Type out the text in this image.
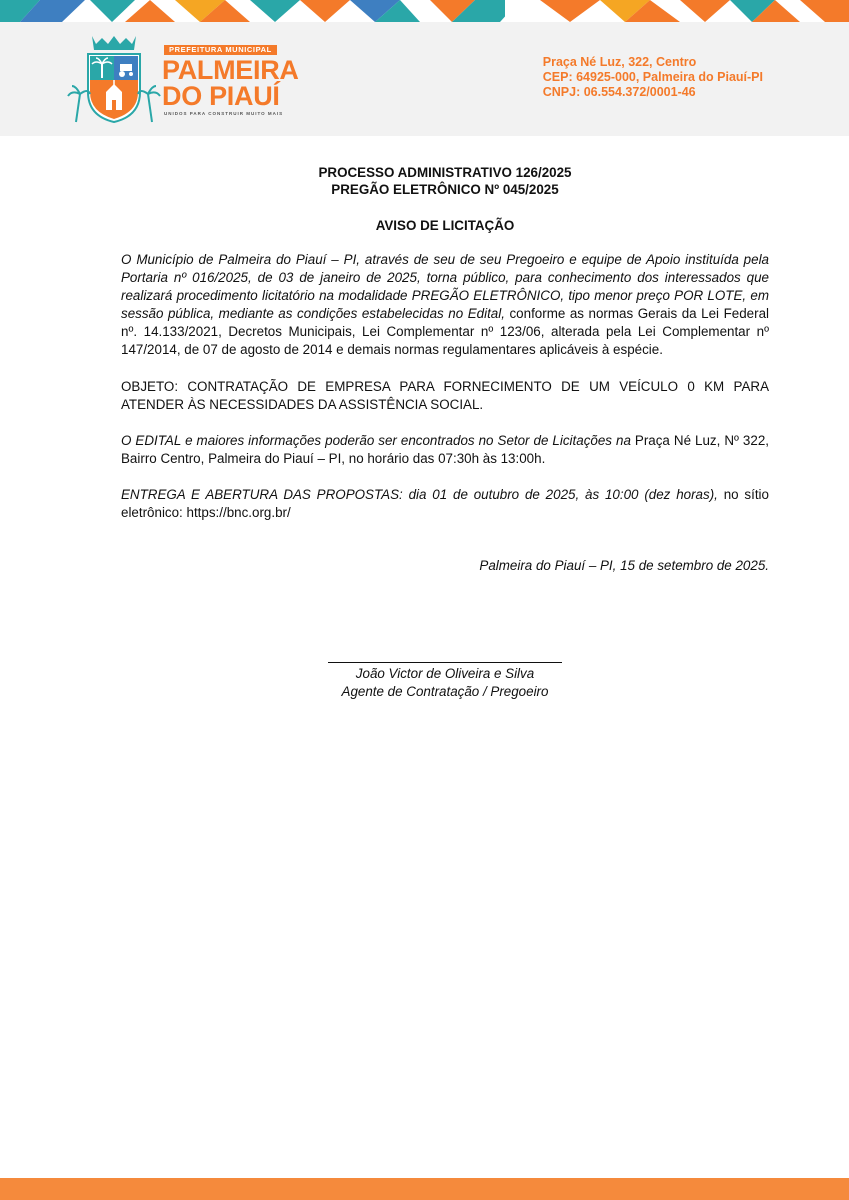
PREFEITURA MUNICIPAL
PALMEIRA
DO PIAUÍ
UNIDOS PARA CONSTRUIR MUITO MAIS
Praça Né Luz, 322, Centro
CEP: 64925-000, Palmeira do Piauí-PI
CNPJ: 06.554.372/0001-46
PROCESSO ADMINISTRATIVO 126/2025
PREGÃO ELETRÔNICO Nº 045/2025
AVISO DE LICITAÇÃO
O Município de Palmeira do Piauí – PI, através de seu de seu Pregoeiro e equipe de Apoio instituída pela Portaria nº 016/2025, de 03 de janeiro de 2025, torna público, para conhecimento dos interessados que realizará procedimento licitatório na modalidade PREGÃO ELETRÔNICO, tipo menor preço POR LOTE, em sessão pública, mediante as condições estabelecidas no Edital, conforme as normas Gerais da Lei Federal nº. 14.133/2021, Decretos Municipais, Lei Complementar nº 123/06, alterada pela Lei Complementar nº 147/2014, de 07 de agosto de 2014 e demais normas regulamentares aplicáveis à espécie.
OBJETO: CONTRATAÇÃO DE EMPRESA PARA FORNECIMENTO DE UM VEÍCULO 0 KM PARA ATENDER ÀS NECESSIDADES DA ASSISTÊNCIA SOCIAL.
O EDITAL e maiores informações poderão ser encontrados no Setor de Licitações na Praça Né Luz, Nº 322, Bairro Centro, Palmeira do Piauí – PI, no horário das 07:30h às 13:00h.
ENTREGA E ABERTURA DAS PROPOSTAS: dia 01 de outubro de 2025, às 10:00 (dez horas), no sítio eletrônico: https://bnc.org.br/
Palmeira do Piauí – PI, 15 de setembro de 2025.
João Victor de Oliveira e Silva
Agente de Contratação / Pregoeiro
